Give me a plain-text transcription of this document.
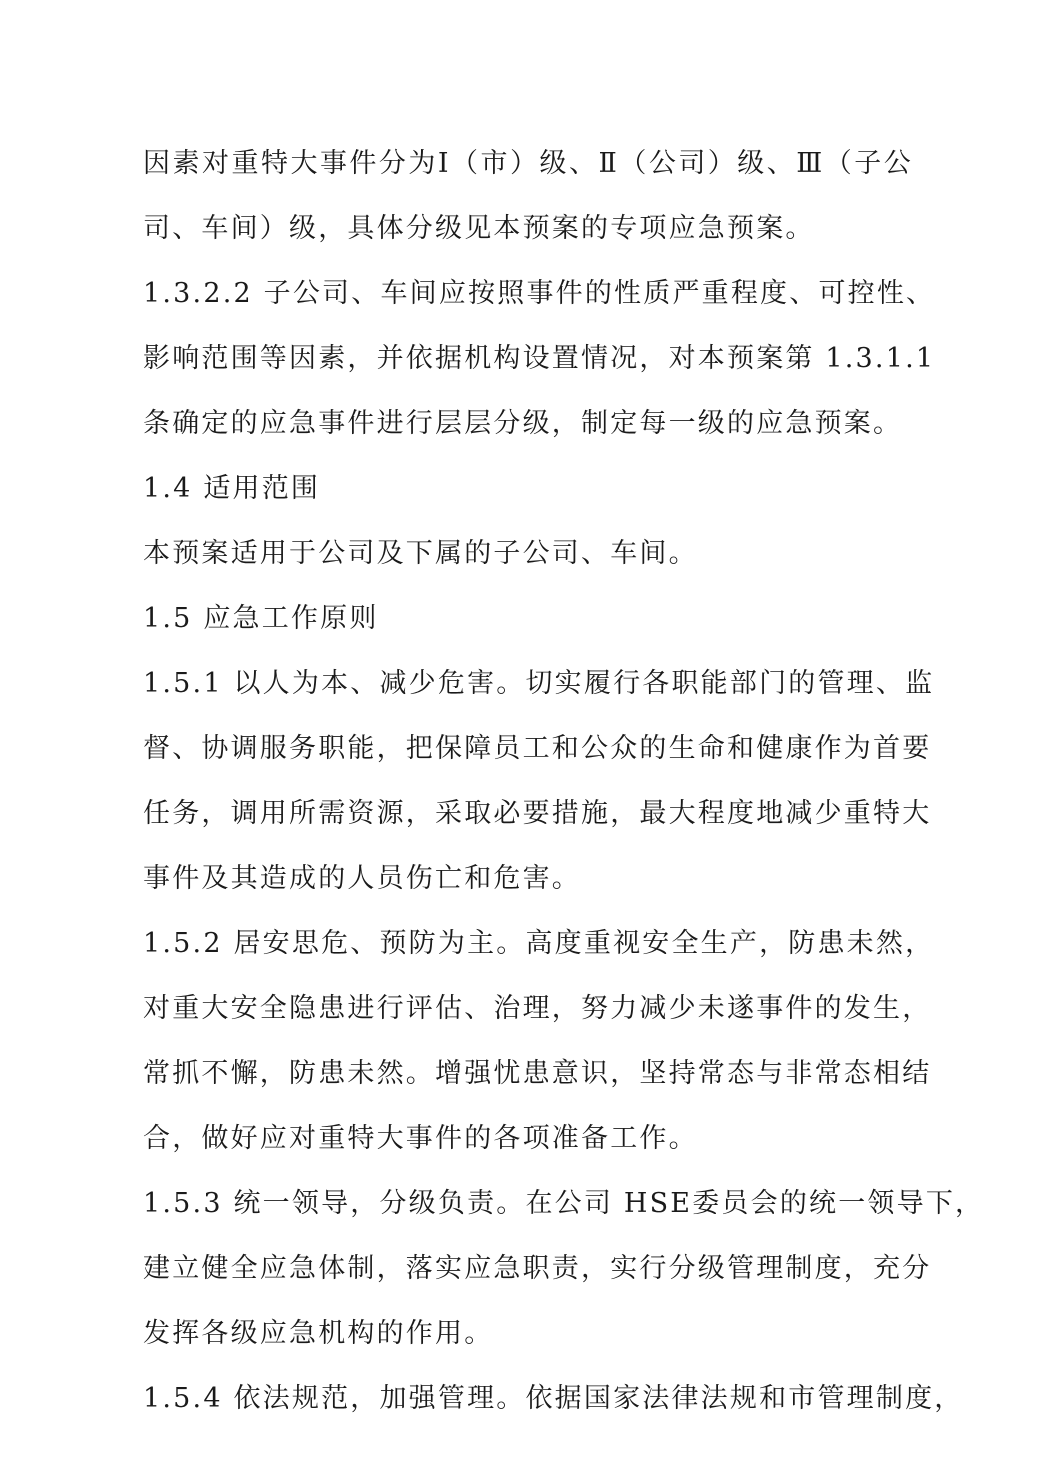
因素对重特大事件分为Ⅰ（市）级、Ⅱ（公司）级、Ⅲ（子公
司、车间）级，具体分级见本预案的专项应急预案。
1.3.2.2 子公司、车间应按照事件的性质严重程度、可控性、
影响范围等因素，并依据机构设置情况，对本预案第 1.3.1.1
条确定的应急事件进行层层分级，制定每一级的应急预案。
1.4 适用范围
本预案适用于公司及下属的子公司、车间。
1.5 应急工作原则
1.5.1 以人为本、减少危害。切实履行各职能部门的管理、监
督、协调服务职能，把保障员工和公众的生命和健康作为首要
任务，调用所需资源，采取必要措施，最大程度地减少重特大
事件及其造成的人员伤亡和危害。
1.5.2 居安思危、预防为主。高度重视安全生产，防患未然，
对重大安全隐患进行评估、治理，努力减少未遂事件的发生，
常抓不懈，防患未然。增强忧患意识，坚持常态与非常态相结
合，做好应对重特大事件的各项准备工作。
1.5.3 统一领导，分级负责。在公司 HSE委员会的统一领导下，
建立健全应急体制，落实应急职责，实行分级管理制度，充分
发挥各级应急机构的作用。
1.5.4 依法规范，加强管理。依据国家法律法规和市管理制度，
